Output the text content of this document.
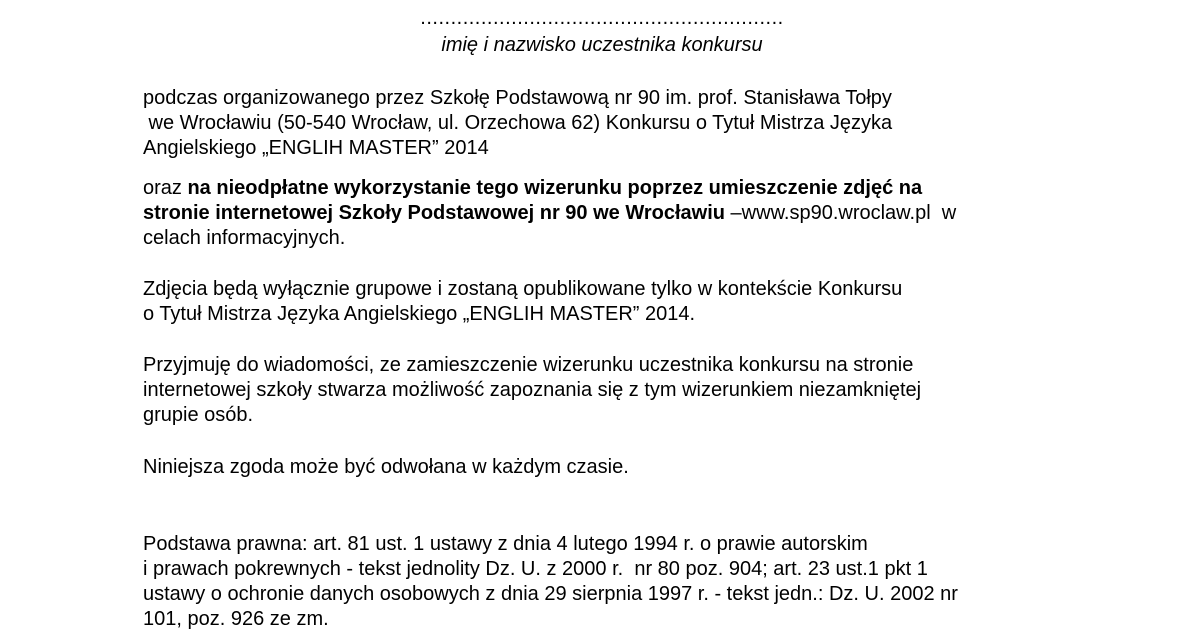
............................................................
imię i nazwisko uczestnika konkursu
podczas organizowanego przez Szkołę Podstawową nr 90 im. prof. Stanisława Tołpy
we Wrocławiu (50-540 Wrocław, ul. Orzechowa 62) Konkursu o Tytuł Mistrza Języka
Angielskiego „ENGLIH MASTER” 2014
oraz na nieodpłatne wykorzystanie tego wizerunku poprzez umieszczenie zdjęć na
stronie internetowej Szkoły Podstawowej nr 90 we Wrocławiu –www.sp90.wroclaw.pl  w
celach informacyjnych.
Zdjęcia będą wyłącznie grupowe i zostaną opublikowane tylko w kontekście Konkursu
o Tytuł Mistrza Języka Angielskiego „ENGLIH MASTER” 2014.
Przyjmuję do wiadomości, ze zamieszczenie wizerunku uczestnika konkursu na stronie
internetowej szkoły stwarza możliwość zapoznania się z tym wizerunkiem niezamkniętej
grupie osób.
Niniejsza zgoda może być odwołana w każdym czasie.
Podstawa prawna: art. 81 ust. 1 ustawy z dnia 4 lutego 1994 r. o prawie autorskim
i prawach pokrewnych - tekst jednolity Dz. U. z 2000 r.  nr 80 poz. 904; art. 23 ust.1 pkt 1
ustawy o ochronie danych osobowych z dnia 29 sierpnia 1997 r. - tekst jedn.: Dz. U. 2002 nr
101, poz. 926 ze zm.
